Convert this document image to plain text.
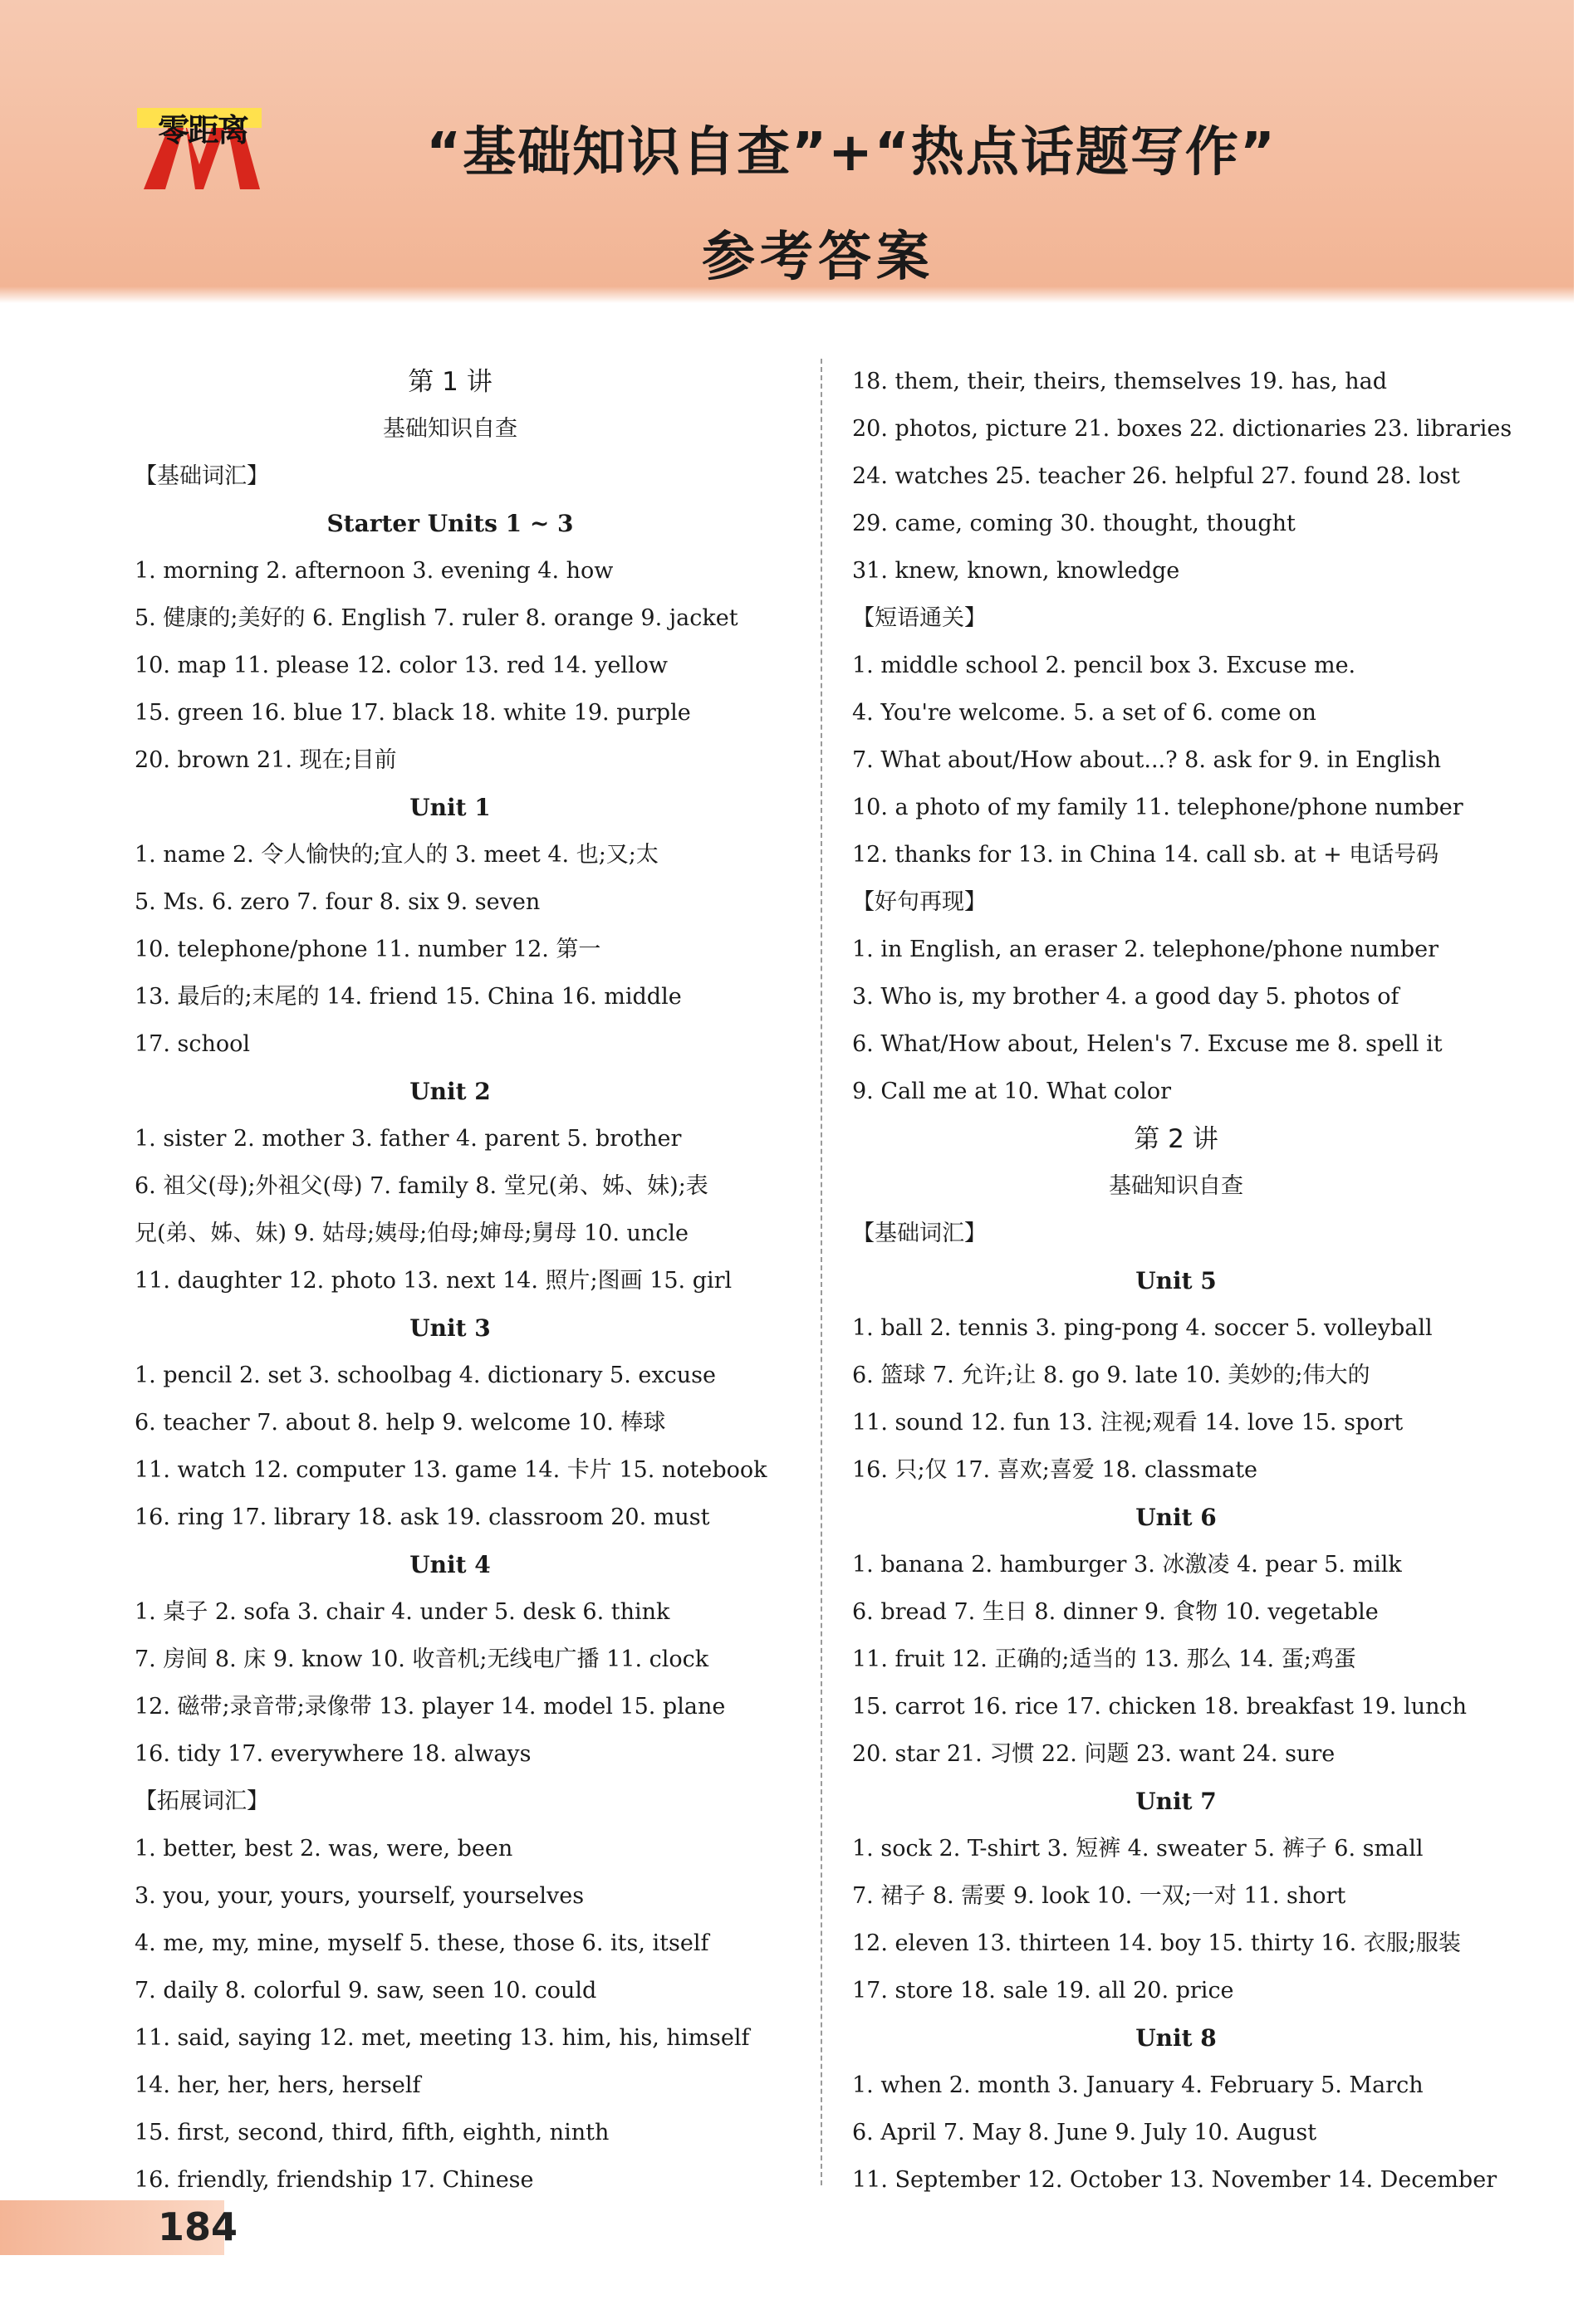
零距离	“基础知识自查”+“热点话题写作”
参考答案
第 1 讲
基础知识自查
【基础词汇】
Starter Units 1 ~ 3
1. morning 2. afternoon 3. evening 4. how
5. 健康的;美好的 6. English 7. ruler 8. orange 9. jacket
10. map 11. please 12. color 13. red 14. yellow
15. green 16. blue 17. black 18. white 19. purple
20. brown 21. 现在;目前
Unit 1
1. name 2. 令人愉快的;宜人的 3. meet 4. 也;又;太
5. Ms. 6. zero 7. four 8. six 9. seven
10. telephone/phone 11. number 12. 第一
13. 最后的;末尾的 14. friend 15. China 16. middle
17. school
Unit 2
1. sister 2. mother 3. father 4. parent 5. brother
6. 祖父(母);外祖父(母) 7. family 8. 堂兄(弟、姊、妹);表
兄(弟、姊、妹) 9. 姑母;姨母;伯母;婶母;舅母 10. uncle
11. daughter 12. photo 13. next 14. 照片;图画 15. girl
Unit 3
1. pencil 2. set 3. schoolbag 4. dictionary 5. excuse
6. teacher 7. about 8. help 9. welcome 10. 棒球
11. watch 12. computer 13. game 14. 卡片 15. notebook
16. ring 17. library 18. ask 19. classroom 20. must
Unit 4
1. 桌子 2. sofa 3. chair 4. under 5. desk 6. think
7. 房间 8. 床 9. know 10. 收音机;无线电广播 11. clock
12. 磁带;录音带;录像带 13. player 14. model 15. plane
16. tidy 17. everywhere 18. always
【拓展词汇】
1. better, best 2. was, were, been
3. you, your, yours, yourself, yourselves
4. me, my, mine, myself 5. these, those 6. its, itself
7. daily 8. colorful 9. saw, seen 10. could
11. said, saying 12. met, meeting 13. him, his, himself
14. her, her, hers, herself
15. first, second, third, fifth, eighth, ninth
16. friendly, friendship 17. Chinese
18. them, their, theirs, themselves 19. has, had
20. photos, picture 21. boxes 22. dictionaries 23. libraries
24. watches 25. teacher 26. helpful 27. found 28. lost
29. came, coming 30. thought, thought
31. knew, known, knowledge
【短语通关】
1. middle school 2. pencil box 3. Excuse me.
4. You're welcome. 5. a set of 6. come on
7. What about/How about...? 8. ask for 9. in English
10. a photo of my family 11. telephone/phone number
12. thanks for 13. in China 14. call sb. at + 电话号码
【好句再现】
1. in English, an eraser 2. telephone/phone number
3. Who is, my brother 4. a good day 5. photos of
6. What/How about, Helen's 7. Excuse me 8. spell it
9. Call me at 10. What color
第 2 讲
基础知识自查
【基础词汇】
Unit 5
1. ball 2. tennis 3. ping-pong 4. soccer 5. volleyball
6. 篮球 7. 允许;让 8. go 9. late 10. 美妙的;伟大的
11. sound 12. fun 13. 注视;观看 14. love 15. sport
16. 只;仅 17. 喜欢;喜爱 18. classmate
Unit 6
1. banana 2. hamburger 3. 冰激凌 4. pear 5. milk
6. bread 7. 生日 8. dinner 9. 食物 10. vegetable
11. fruit 12. 正确的;适当的 13. 那么 14. 蛋;鸡蛋
15. carrot 16. rice 17. chicken 18. breakfast 19. lunch
20. star 21. 习惯 22. 问题 23. want 24. sure
Unit 7
1. sock 2. T-shirt 3. 短裤 4. sweater 5. 裤子 6. small
7. 裙子 8. 需要 9. look 10. 一双;一对 11. short
12. eleven 13. thirteen 14. boy 15. thirty 16. 衣服;服装
17. store 18. sale 19. all 20. price
Unit 8
1. when 2. month 3. January 4. February 5. March
6. April 7. May 8. June 9. July 10. August
11. September 12. October 13. November 14. December
184
